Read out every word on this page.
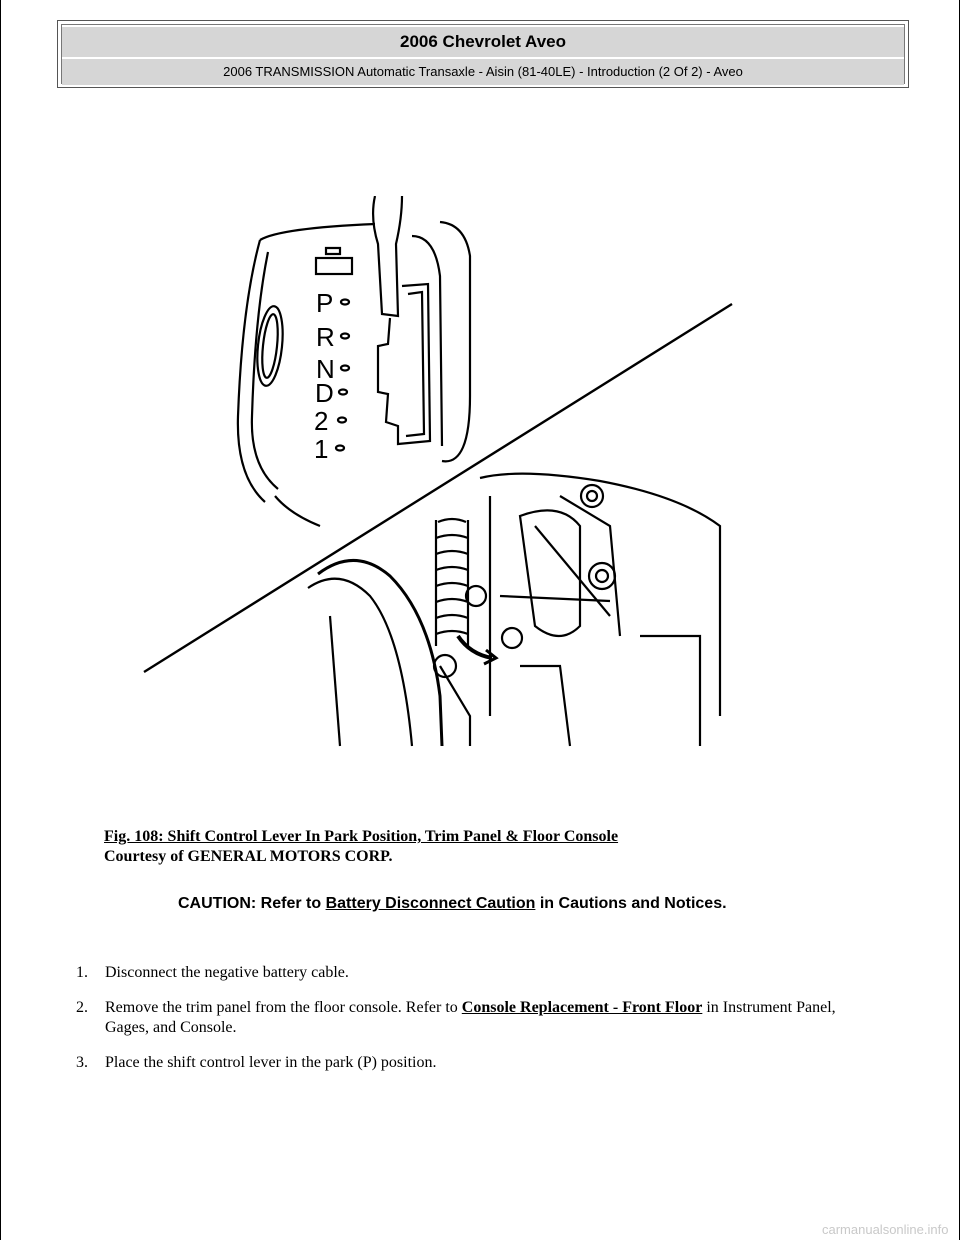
2006 Chevrolet Aveo
2006 TRANSMISSION Automatic Transaxle - Aisin (81-40LE) - Introduction (2 Of 2) - Aveo
P
R
N
D
2
1
Fig. 108: Shift Control Lever In Park Position, Trim Panel & Floor Console
Courtesy of GENERAL MOTORS CORP.
CAUTION: Refer to Battery Disconnect Caution in Cautions and Notices.
1. Disconnect the negative battery cable.
2. Remove the trim panel from the floor console. Refer to Console Replacement - Front Floor in Instrument Panel, Gages, and Console.
3. Place the shift control lever in the park (P) position.
carmanualsonline.info
